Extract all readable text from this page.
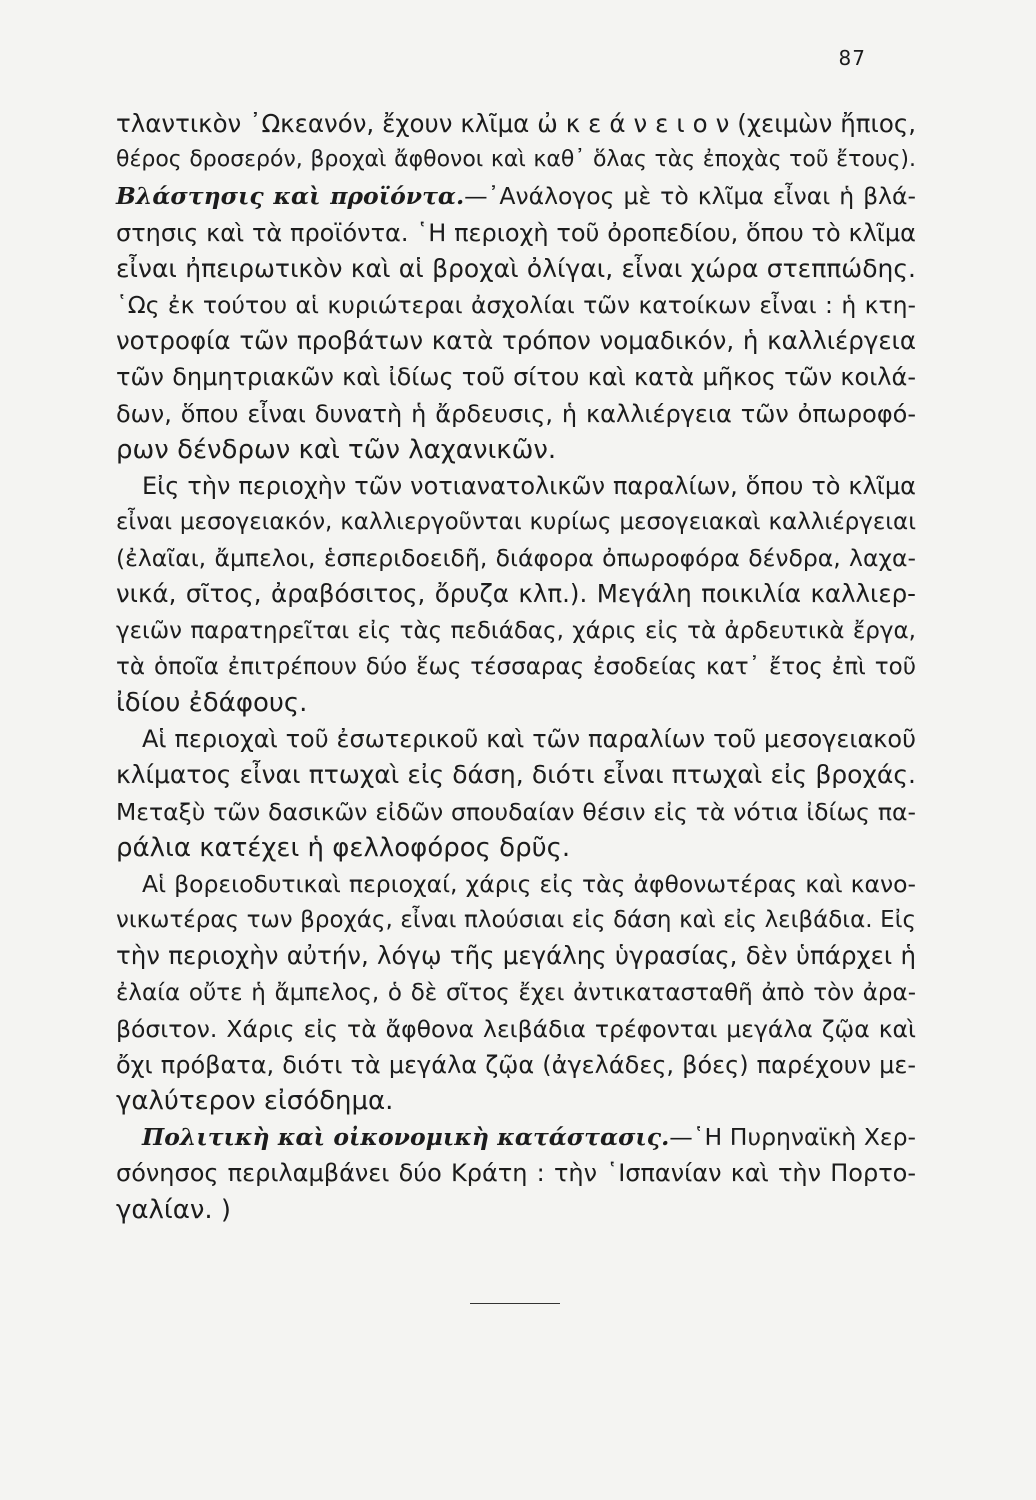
87
τλαντικὸν ᾽Ωκεανόν, ἔχουν κλῖμα ὠ κ ε ά ν ε ι ο ν (χειμὼν ἤπιος,
θέρος δροσερόν, βροχαὶ ἄφθονοι καὶ καθ᾽ ὅλας τὰς ἐποχὰς τοῦ ἔτους).
Βλάστησις καὶ προϊόντα.—᾽Ανάλογος μὲ τὸ κλῖμα εἶναι ἡ βλά-
στησις καὶ τὰ προϊόντα. ῾Η περιοχὴ τοῦ ὀροπεδίου, ὅπου τὸ κλῖμα
εἶναι ἠπειρωτικὸν καὶ αἱ βροχαὶ ὀλίγαι, εἶναι χώρα στεππώδης.
῾Ως ἐκ τούτου αἱ κυριώτεραι ἀσχολίαι τῶν κατοίκων εἶναι : ἡ κτη-
νοτροφία τῶν προβάτων κατὰ τρόπον νομαδικόν, ἡ καλλιέργεια
τῶν δημητριακῶν καὶ ἰδίως τοῦ σίτου καὶ κατὰ μῆκος τῶν κοιλά-
δων, ὅπου εἶναι δυνατὴ ἡ ἄρδευσις, ἡ καλλιέργεια τῶν ὀπωροφό-
ρων δένδρων καὶ τῶν λαχανικῶν.
Εἰς τὴν περιοχὴν τῶν νοτιανατολικῶν παραλίων, ὅπου τὸ κλῖμα
εἶναι μεσογειακόν, καλλιεργοῦνται κυρίως μεσογειακαὶ καλλιέργειαι
(ἐλαῖαι, ἄμπελοι, ἑσπεριδοειδῆ, διάφορα ὀπωροφόρα δένδρα, λαχα-
νικά, σῖτος, ἀραβόσιτος, ὄρυζα κλπ.). Μεγάλη ποικιλία καλλιερ-
γειῶν παρατηρεῖται εἰς τὰς πεδιάδας, χάρις εἰς τὰ ἀρδευτικὰ ἔργα,
τὰ ὁποῖα ἐπιτρέπουν δύο ἕως τέσσαρας ἐσοδείας κατ᾽ ἔτος ἐπὶ τοῦ
ἰδίου ἐδάφους.
Αἱ περιοχαὶ τοῦ ἐσωτερικοῦ καὶ τῶν παραλίων τοῦ μεσογειακοῦ
κλίματος εἶναι πτωχαὶ εἰς δάση, διότι εἶναι πτωχαὶ εἰς βροχάς.
Μεταξὺ τῶν δασικῶν εἰδῶν σπουδαίαν θέσιν εἰς τὰ νότια ἰδίως πα-
ράλια κατέχει ἡ φελλοφόρος δρῦς.
Αἱ βορειοδυτικαὶ περιοχαί, χάρις εἰς τὰς ἀφθονωτέρας καὶ κανο-
νικωτέρας των βροχάς, εἶναι πλούσιαι εἰς δάση καὶ εἰς λειβάδια. Εἰς
τὴν περιοχὴν αὐτήν, λόγῳ τῆς μεγάλης ὑγρασίας, δὲν ὑπάρχει ἡ
ἐλαία οὔτε ἡ ἄμπελος, ὁ δὲ σῖτος ἔχει ἀντικατασταθῆ ἀπὸ τὸν ἀρα-
βόσιτον. Χάρις εἰς τὰ ἄφθονα λειβάδια τρέφονται μεγάλα ζῷα καὶ
ὄχι πρόβατα, διότι τὰ μεγάλα ζῷα (ἀγελάδες, βόες) παρέχουν με-
γαλύτερον εἰσόδημα.
Πολιτικὴ καὶ οἰκονομικὴ κατάστασις.—῾Η Πυρηναϊκὴ Χερ-
σόνησος περιλαμβάνει δύο Κράτη : τὴν ῾Ισπανίαν καὶ τὴν Πορτο-
γαλίαν. )
